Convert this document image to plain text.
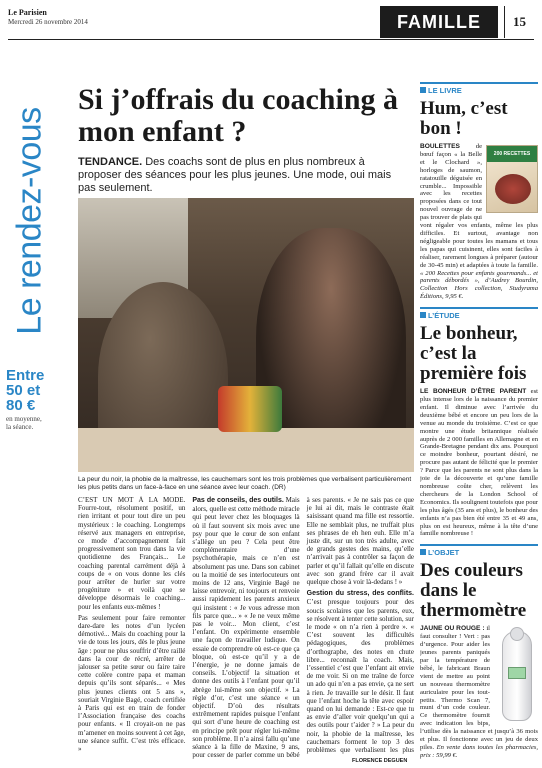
Le Parisien
Mercredi 26 novembre 2014	FAMILLE	15
Le rendez-vous
Entre
50 et
80 €
en moyenne,
la séance.
Si j’offrais du coaching à mon enfant ?
TENDANCE. Des coachs sont de plus en plus nombreux à proposer des séances pour les plus jeunes. Une mode, oui mais pas seulement.
La peur du noir, la phobie de la maîtresse, les cauchemars sont les trois problèmes que verbalisent particulièrement les plus petits dans un face-à-face en une séance avec leur coach. (DR)

C’EST UN MOT À LA MODE. Fourre-tout, résolument positif, un rien irritant et pour tout dire un peu mystérieux : le coaching. Longtemps réservé aux managers en entreprise, ce mode d’accompagnement fait progressivement son trou dans la vie quotidienne des Français... Le coaching parental carrément déjà à coups de « on vous donne les clés pour arrêter de hurler sur votre progéniture » et voilà que se développe désormais le coaching... pour les enfants eux-mêmes !

Pas seulement pour faire remonter dare-dare les notes d’un lycéen démotivé... Mais du coaching pour la vie de tous les jours, dès le plus jeune âge : pour ne plus souffrir d’être raillé dans la cour de récré, arrêter de jalouser sa petite sœur ou faire taire cette colère contre papa et maman depuis qu’ils sont séparés... « Mes plus jeunes clients ont 5 ans », souriait Virginie Bagé, coach certifiée à Paris qui est en train de fonder l’Association française des coachs pour enfants. « Il croyait-on ne pas m’amener en moins souvent à cet âge, une séance suffit. C’est très efficace. »

Pas de conseils, des outils. Mais alors, quelle est cette méthode miracle qui peut lever chez les bloquages là où il faut souvent six mois avec une psy pour que le cœur de son enfant s’allège un peu ? Cela peut être complémentaire d’une psychothérapie, mais ce n’en est absolument pas une. Dans son cabinet ou la moitié de ses interlocuteurs ont moins de 12 ans, Virginie Bagé ne laisse entrevoir, ni toujours et renvoie aussi rapidement les parents anxieux qui insistent : « Je vous adresse mon fils parce que... » « Je ne veux même pas le voir... Mon client, c’est l’enfant. On expérimente ensemble une façon de travailler ludique. On essaie de comprendre où est-ce que ça bloque, où est-ce qu’il y a de l’énergie, je ne donne jamais de conseils. L’objectif la situation et donne des outils à l’enfant pour qu’il abrège lui-même son objectif. » La règle d’or, c’est une séance « un objectif. D’où des résultats extrêmement rapides puisque l’enfant qui sort d’une heure de coaching est en principe prêt pour régler lui-même son problème. Il n’a ainsi fallu qu’une séance à la fille de Maxine, 9 ans, pour cesser de parler comme un bébé à ses parents. « Je ne sais pas ce que je lui ai dit, mais le contraste était saisissant quand ma fille est ressortie. Elle ne semblait plus, ne truffait plus ses phrases de eh hen euh. Elle m’a juste dit, sur un ton très adulte, avec de grands gestes des mains, qu’elle n’arrivait pas à contrôler sa façon de parler et qu’il fallait qu’elle en discute avec son grand frère car il avait quelque chose à voir là-dedans ! »

Gestion du stress, des conflits. C’est presque toujours pour des soucis scolaires que les parents, eux, se résolvent à tenter cette solution, sur le mode « on n’a rien à perdre ». « C’est souvent les difficultés pédagogiques, des problèmes d’orthographe, des notes en chute libre... reconnaît la coach. Mais, l’essentiel c’est que l’enfant ait envie de me voir. Si on me traîne de force un ado qui n’en a pas envie, ça ne sert à rien. Je travaille sur le désir. Il faut que l’enfant hoche la tête avec espoir quand on lui demande : Est-ce que tu as envie d’aller voir quelqu’un qui a des outils pour t’aider ? » La peur du noir, la phobie de la maîtresse, les cauchemars forment le top 3 des problèmes que verbalisent les plus

FLORENCE DEGUEN
LE LIVRE
Hum, c’est bon !
200 RECETTES
BOULETTES de bœuf façon « la Belle et le Clochard », horloges de saumon, ratatouille déguisée en crumble... Impossible avec les recettes proposées dans ce tout nouvel ouvrage de ne pas trouver de plats qui vont régaler vos enfants, même les plus difficiles. Et surtout, avantage non négligeable pour toutes les mamans et tous les papas qui cuisinent, elles sont faciles à réaliser, rarement longues à préparer (autour de 30-45 min) et adaptées à toute la famille. « 200 Recettes pour enfants gourmands... et parents débordés », d’Audrey Bourdin, Collection Hors collection, Studyrama Éditions, 9,95 €.
L’ÉTUDE
Le bonheur, c’est la première fois
LE BONHEUR D’ÊTRE PARENT est plus intense lors de la naissance du premier enfant. Il diminue avec l’arrivée du deuxième bébé et encore un peu lors de la venue au monde du troisième. C’est ce que montre une étude britannique réalisée auprès de 2 000 familles en Allemagne et en Grande-Bretagne pendant dix ans. Pourquoi ce moindre bonheur, pourtant désiré, ne procure pas autant de félicité que le premier ? Parce que les parents ne sont plus dans la joie de la découverte et qu’une famille nombreuse coûte cher, relèvent les chercheurs de la London School of Economics. Ils soulignent toutefois que pour les plus âgés (35 ans et plus), le bonheur des enfants n’a pas bien été entre 35 et 49 ans, plus on est heureux, même à la tête d’une famille nombreuse !
L’OBJET
Des couleurs dans le thermomètre
JAUNE OU ROUGE : il faut consulter ! Vert : pas d’urgence. Pour aider les jeunes parents paniqués par la température de bébé, le fabricant Braun vient de mettre au point un nouveau thermomètre auriculaire pour les tout-petits. Thermo Scan 7, muni d’un code couleur. Ce thermomètre fournit avec indication les bips, l’utilise dès la naissance et jusqu’à 36 mois et plus. Il fonctionne avec un jeu de deux piles. En vente dans toutes les pharmacies, prix : 59,99 €.
